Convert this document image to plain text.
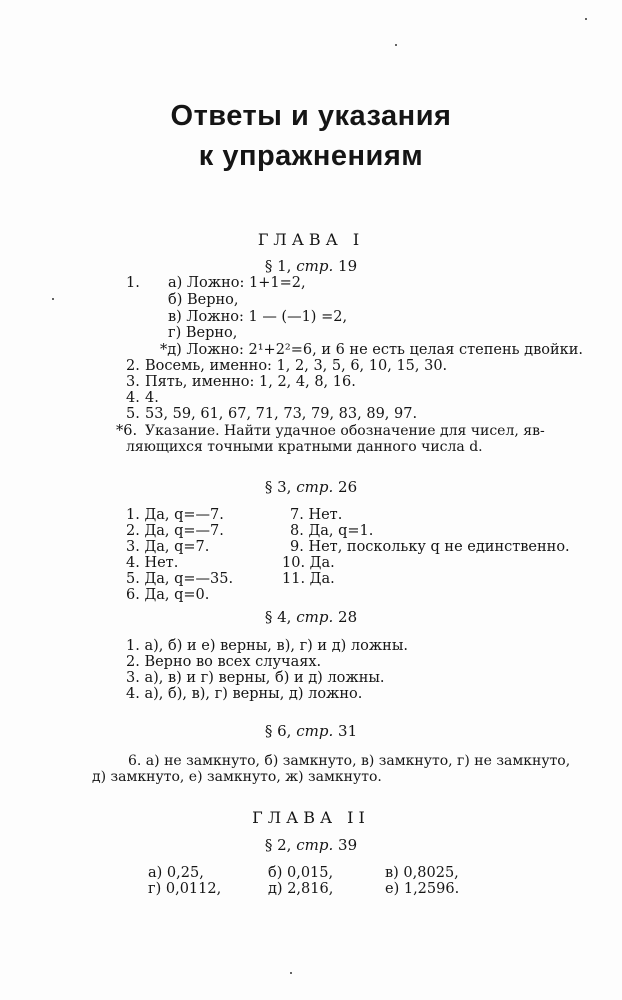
Ответы и указания
к упражнениям
ГЛАВА I
§ 1, стр. 19
1. а) Ложно: 1+1=2,
б) Верно,
в) Ложно: 1 — (—1) =2,
г) Верно,
*д) Ложно: 2¹+2²=6, и 6 не есть целая степень двойки.
2. Восемь, именно: 1, 2, 3, 5, 6, 10, 15, 30.
3. Пять, именно: 1, 2, 4, 8, 16.
4. 4.
5. 53, 59, 61, 67, 71, 73, 79, 83, 89, 97.
*6. Указание. Найти удачное обозначение для чисел, яв-
ляющихся точными кратными данного числа d.
§ 3, стр. 26
1. Да, q=—7.
2. Да, q=—7.
3. Да, q=7.
4. Нет.
5. Да, q=—35.
6. Да, q=0.
7. Нет.
8. Да, q=1.
9. Нет, поскольку q не единственно.
10. Да.
11. Да.
§ 4, стр. 28
1. а), б) и е) верны, в), г) и д) ложны.
2. Верно во всех случаях.
3. а), в) и г) верны, б) и д) ложны.
4. а), б), в), г) верны, д) ложно.
§ 6, стр. 31
6. а) не замкнуто, б) замкнуто, в) замкнуто, г) не замкнуто,
д) замкнуто, е) замкнуто, ж) замкнуто.
ГЛАВА II
§ 2, стр. 39
а) 0,25,	б) 0,015,	в) 0,8025,
г) 0,0112,	д) 2,816,	е) 1,2596.
